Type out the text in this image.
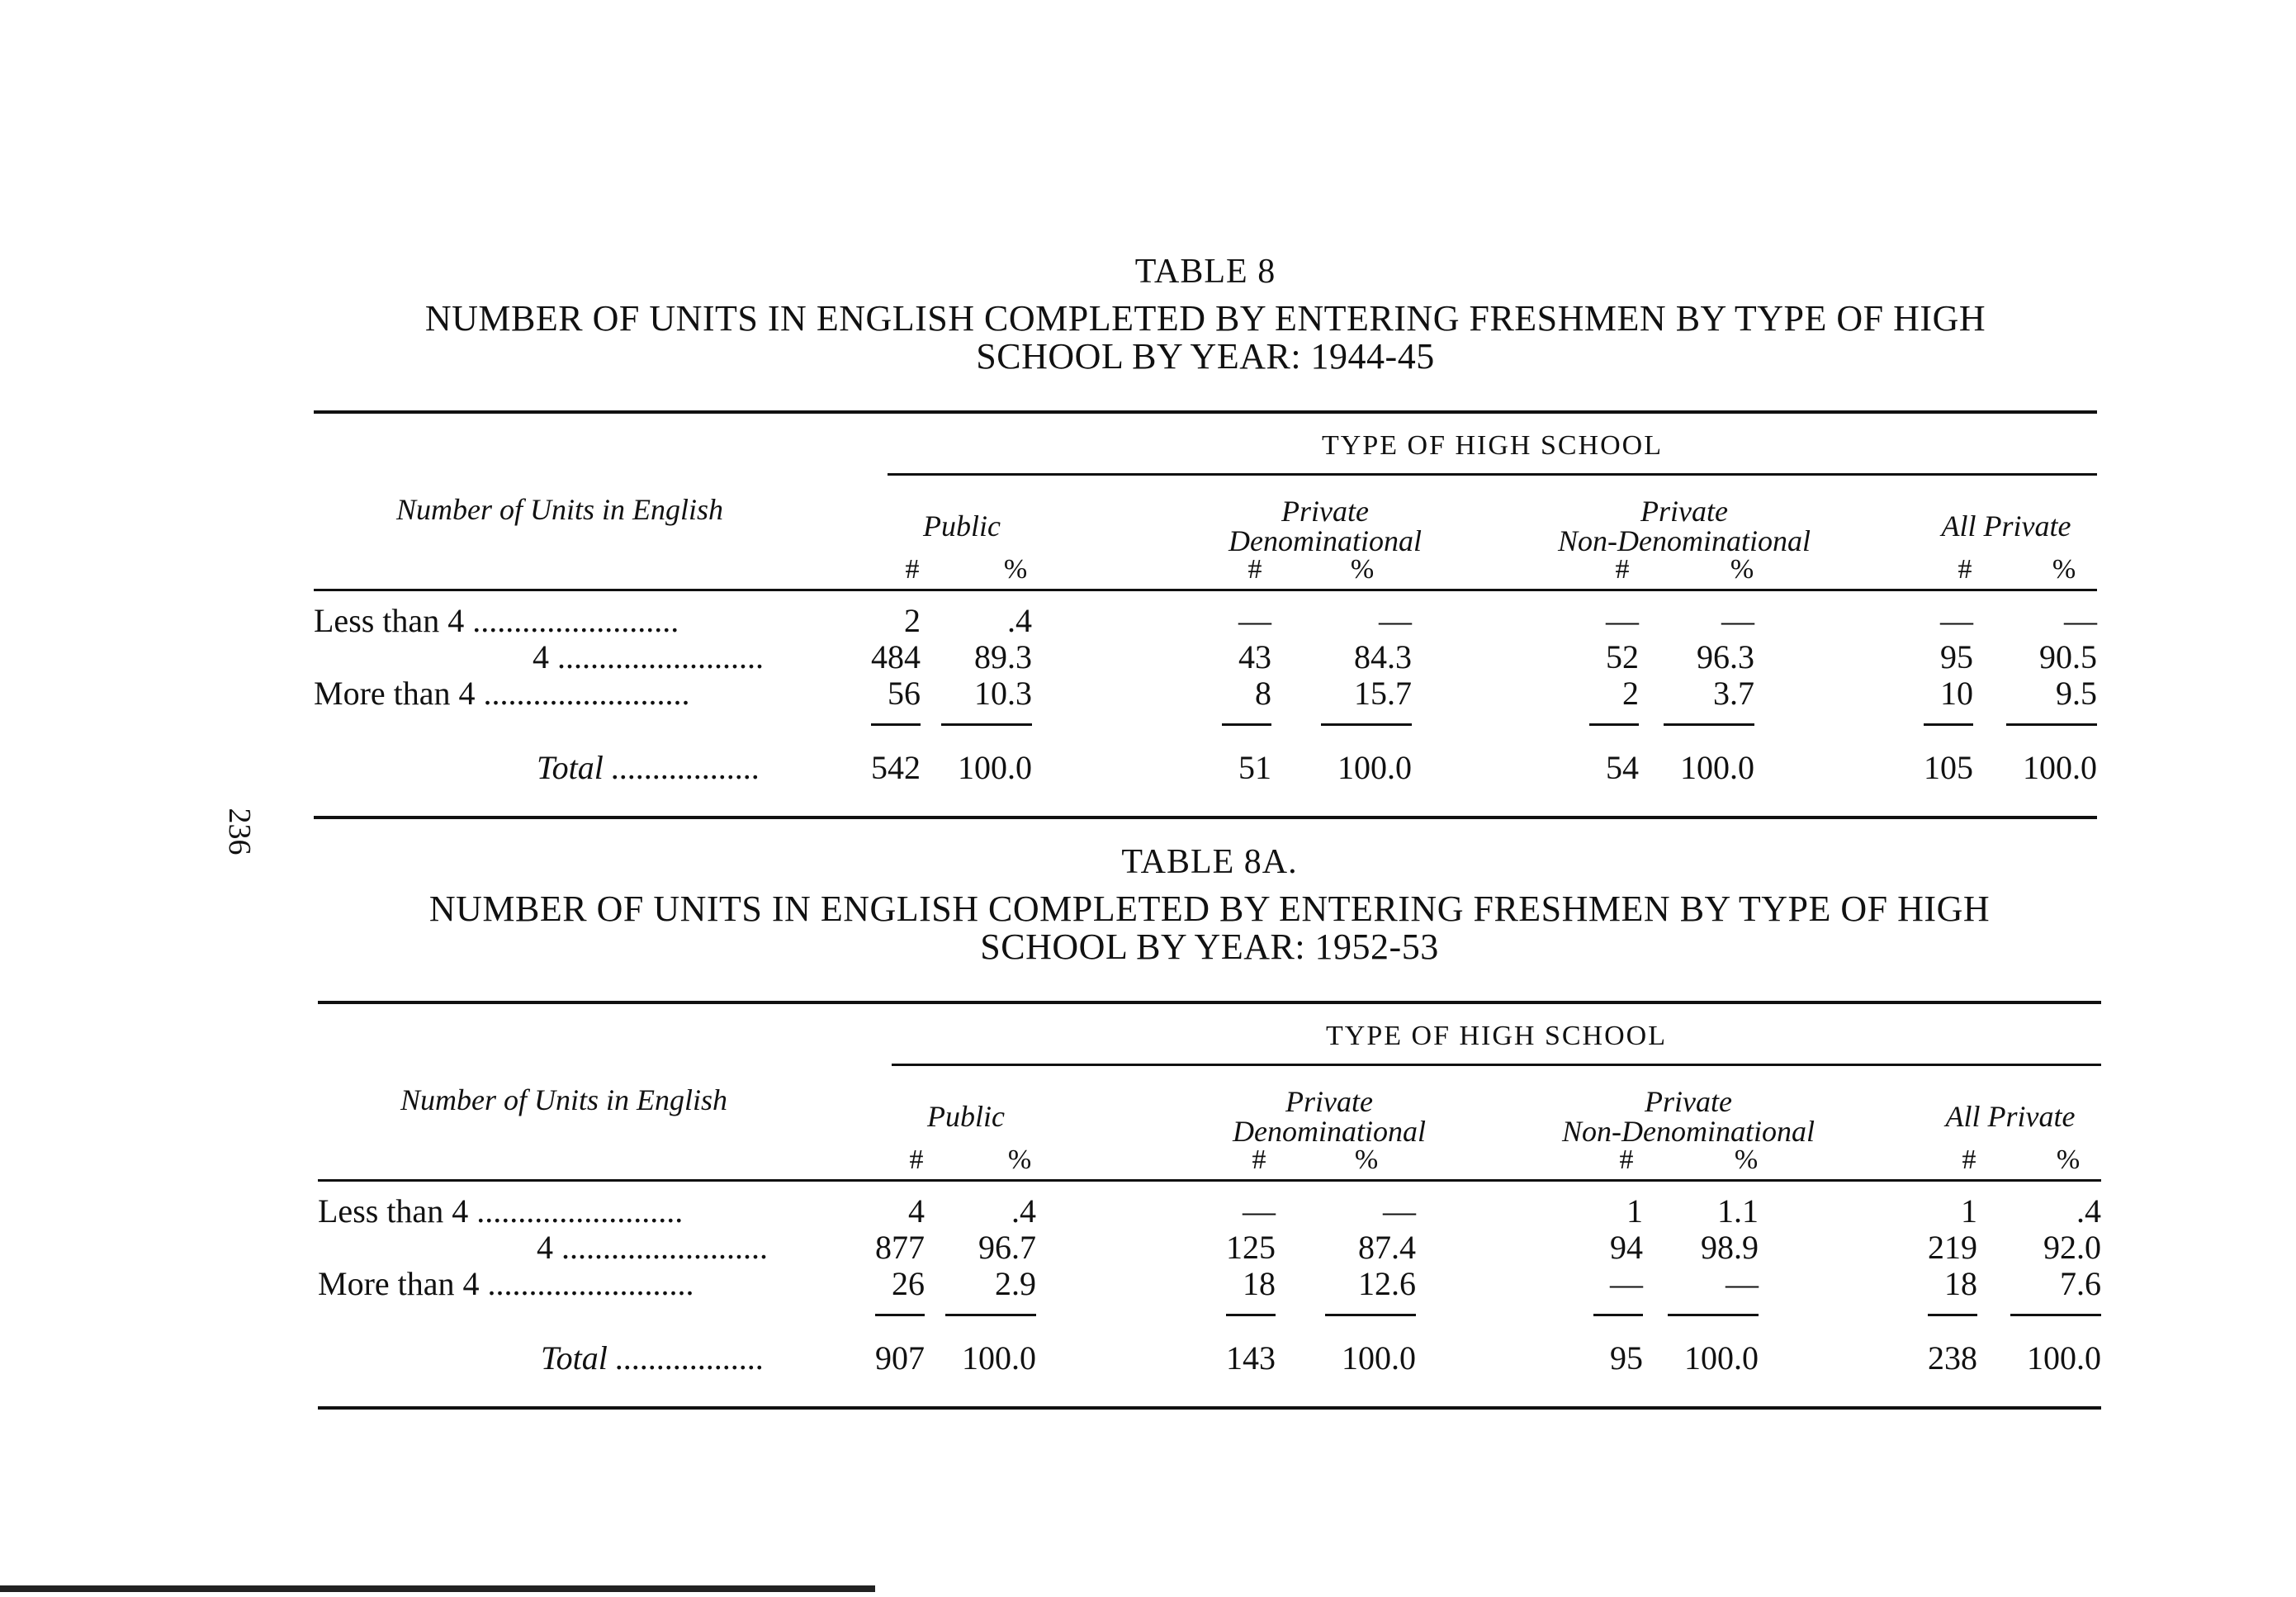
236
TABLE 8
NUMBER OF UNITS IN ENGLISH COMPLETED BY ENTERING FRESHMEN BY TYPE OF HIGH
SCHOOL BY YEAR: 1944-45
TYPE OF HIGH SCHOOL
Number of Units in English	Public	Private
Denominational
Private
Non-Denominational	All Private
#	%	#	%	#	%	#	%
Less than 4 .........................	2	.4	—	—	—	—	—	—
4 .........................	484	89.3	43	84.3	52	96.3	95	90.5
More than 4 .........................	56	10.3	8	15.7	2	3.7	10	9.5
Total ..................	542	100.0	51	100.0	54	100.0	105	100.0
TABLE 8A.
NUMBER OF UNITS IN ENGLISH COMPLETED BY ENTERING FRESHMEN BY TYPE OF HIGH
SCHOOL BY YEAR: 1952-53
TYPE OF HIGH SCHOOL
Number of Units in English	Public	Private
Denominational
Private
Non-Denominational	All Private
#	%	#	%	#	%	#	%
Less than 4 .........................	4	.4	—	—	1	1.1	1	.4
4 .........................	877	96.7	125	87.4	94	98.9	219	92.0
More than 4 .........................	26	2.9	18	12.6	—	—	18	7.6
Total ..................	907	100.0	143	100.0	95	100.0	238	100.0
